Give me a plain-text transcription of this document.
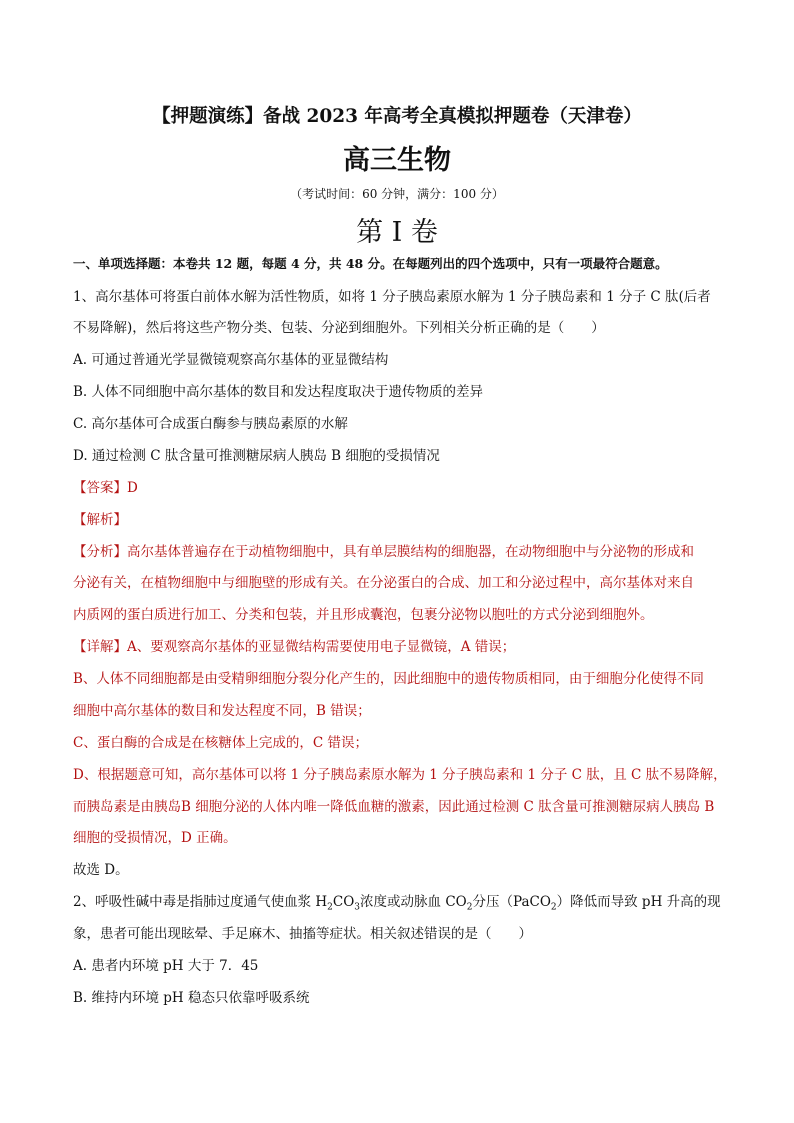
【押题演练】备战 2023 年高考全真模拟押题卷（天津卷）
高三生物
（考试时间：60 分钟，满分：100 分）
第 I 卷
一、单项选择题：本卷共 12 题，每题 4 分，共 48 分。在每题列出的四个选项中，只有一项最符合题意。
1、高尔基体可将蛋白前体水解为活性物质，如将 1 分子胰岛素原水解为 1 分子胰岛素和 1 分子 C 肽(后者
不易降解)，然后将这些产物分类、包装、分泌到细胞外。下列相关分析正确的是（　　）
A. 可通过普通光学显微镜观察高尔基体的亚显微结构
B. 人体不同细胞中高尔基体的数目和发达程度取决于遗传物质的差异
C. 高尔基体可合成蛋白酶参与胰岛素原的水解
D. 通过检测 C 肽含量可推测糖尿病人胰岛 B 细胞的受损情况
【答案】D
【解析】
【分析】高尔基体普遍存在于动植物细胞中，具有单层膜结构的细胞器，在动物细胞中与分泌物的形成和
分泌有关，在植物细胞中与细胞壁的形成有关。在分泌蛋白的合成、加工和分泌过程中，高尔基体对来自
内质网的蛋白质进行加工、分类和包装，并且形成囊泡，包裹分泌物以胞吐的方式分泌到细胞外。
【详解】A、要观察高尔基体的亚显微结构需要使用电子显微镜，A 错误；
B、人体不同细胞都是由受精卵细胞分裂分化产生的，因此细胞中的遗传物质相同，由于细胞分化使得不同
细胞中高尔基体的数目和发达程度不同，B 错误；
C、蛋白酶的合成是在核糖体上完成的，C 错误；
D、根据题意可知，高尔基体可以将 1 分子胰岛素原水解为 1 分子胰岛素和 1 分子 C 肽，且 C 肽不易降解，
而胰岛素是由胰岛B 细胞分泌的人体内唯一降低血糖的激素，因此通过检测 C 肽含量可推测糖尿病人胰岛 B
细胞的受损情况，D 正确。
故选 D。
2、呼吸性碱中毒是指肺过度通气使血浆 $H_2CO_3$浓度或动脉血 $CO_2$分压（PaCO$_2$）降低而导致 pH 升高的现
象，患者可能出现眩晕、手足麻木、抽搐等症状。相关叙述错误的是（　　）
A. 患者内环境 pH 大于 7．45
B. 维持内环境 pH 稳态只依靠呼吸系统
